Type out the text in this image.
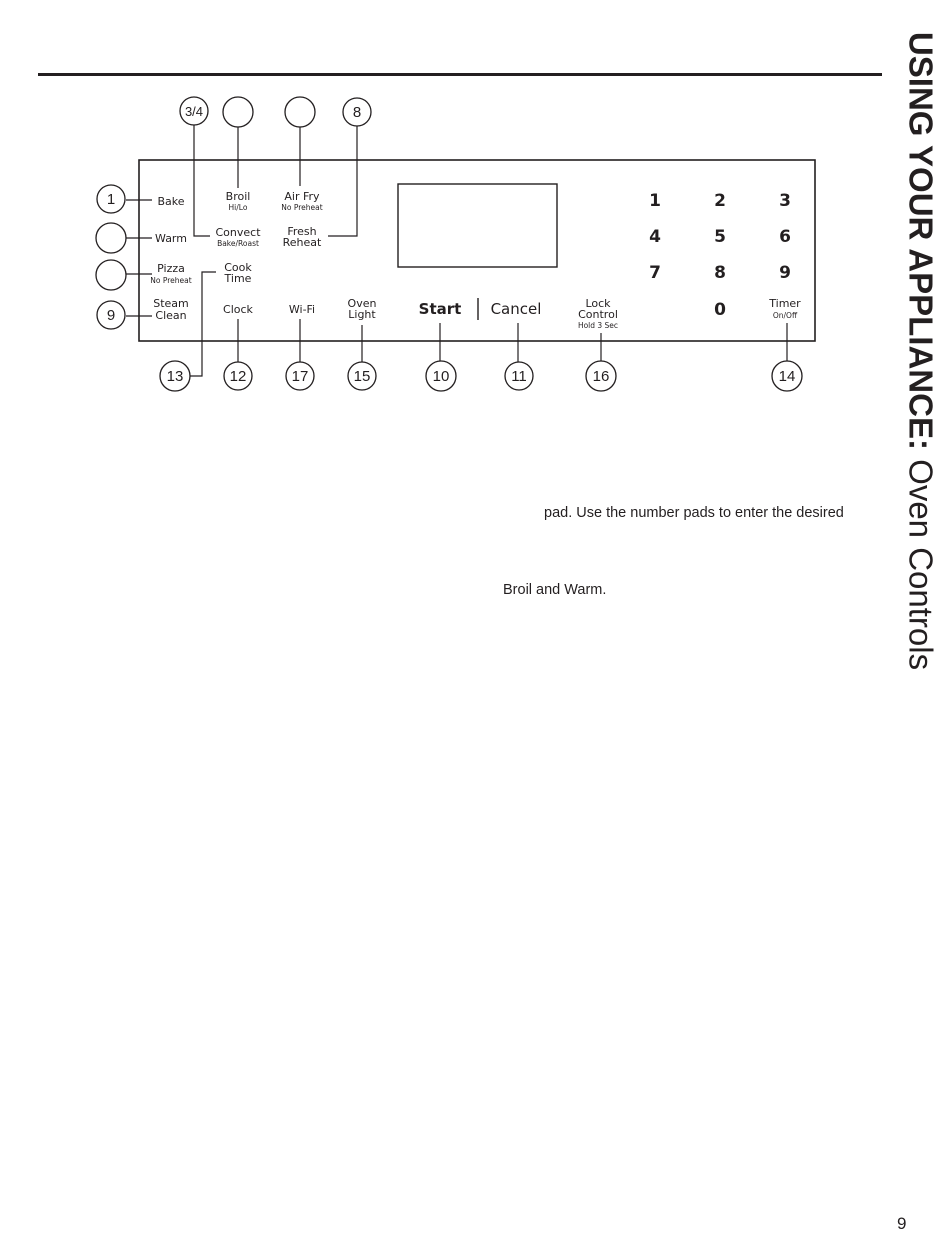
USING YOUR APPLIANCE: Oven Controls
3/4	8
1
9
13	12	17	15	10	11	16	14
Bake
Warm
Pizza
No Preheat
Steam
Clean
Broil
Hi/Lo
Convect
Bake/Roast
Cook
Time
Clock
Air Fry
No Preheat
Fresh
Reheat
Wi-Fi	Oven
Light	Start Cancel	Lock
Control
Hold 3 Sec
Timer
On/Off
1	2	3
4	5	6
7	8	9
0
pad. Use the number pads to enter the desired
Broil and Warm.
9
